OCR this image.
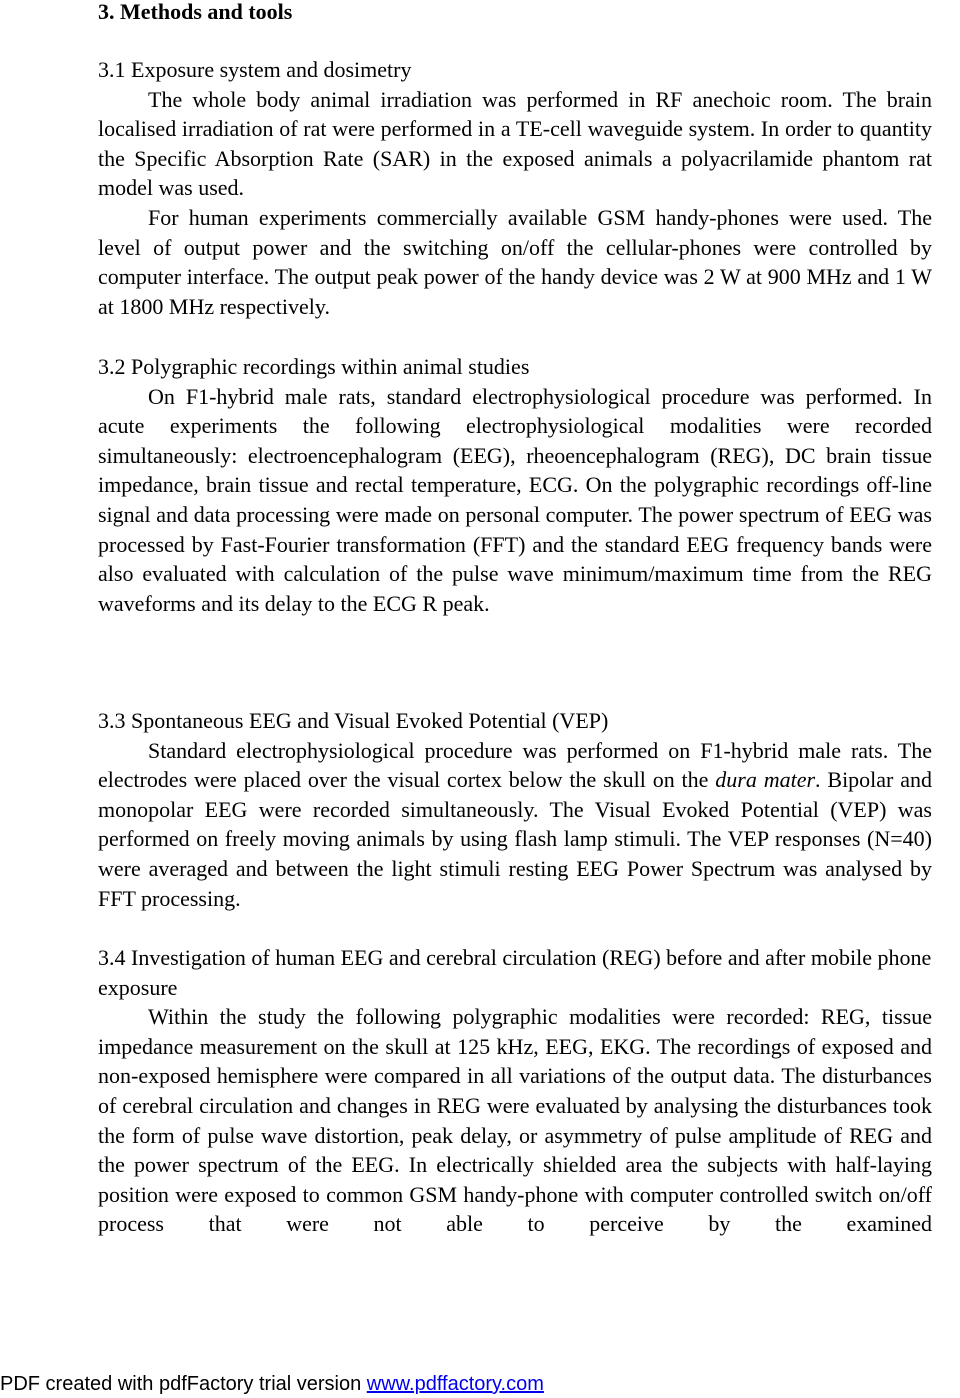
3. Methods and tools

3.1 Exposure system and dosimetry

The whole body animal irradiation was performed in RF anechoic room. The brain localised irradiation of rat were performed in a TE-cell waveguide system. In order to quantity the Specific Absorption Rate (SAR) in the exposed animals a polyacrilamide phantom rat model was used.

For human experiments commercially available GSM handy-phones were used. The level of output power and the switching on/off the cellular-phones were controlled by computer interface. The output peak power of the handy device was 2 W at 900 MHz and 1 W at 1800 MHz respectively.

3.2 Polygraphic recordings within animal studies

On F1-hybrid male rats, standard electrophysiological procedure was performed. In acute experiments the following electrophysiological modalities were recorded simultaneously: electroencephalogram (EEG), rheoencephalogram (REG), DC brain tissue impedance, brain tissue and rectal temperature, ECG. On the polygraphic recordings off-line signal and data processing were made on personal computer. The power spectrum of EEG was processed by Fast-Fourier transformation (FFT) and the standard EEG frequency bands were also evaluated with calculation of the pulse wave minimum/maximum time from the REG waveforms and its delay to the ECG R peak.

3.3 Spontaneous EEG and Visual Evoked Potential (VEP)

Standard electrophysiological procedure was performed on F1-hybrid male rats. The electrodes were placed over the visual cortex below the skull on the dura mater. Bipolar and monopolar EEG were recorded simultaneously. The Visual Evoked Potential (VEP) was performed on freely moving animals by using flash lamp stimuli. The VEP responses (N=40) were averaged and between the light stimuli resting EEG Power Spectrum was analysed by FFT processing.

3.4 Investigation of human EEG and cerebral circulation (REG) before and after mobile phone exposure

Within the study the following polygraphic modalities were recorded: REG, tissue impedance measurement on the skull at 125 kHz, EEG, EKG. The recordings of exposed and non-exposed hemisphere were compared in all variations of the output data. The disturbances of cerebral circulation and changes in REG were evaluated by analysing the disturbances took the form of pulse wave distortion, peak delay, or asymmetry of pulse amplitude of REG and the power spectrum of the EEG. In electrically shielded area the subjects with half-laying position were exposed to common GSM handy-phone with computer controlled switch on/off process that were not able to perceive by the examined

PDF created with pdfFactory trial version www.pdffactory.com
